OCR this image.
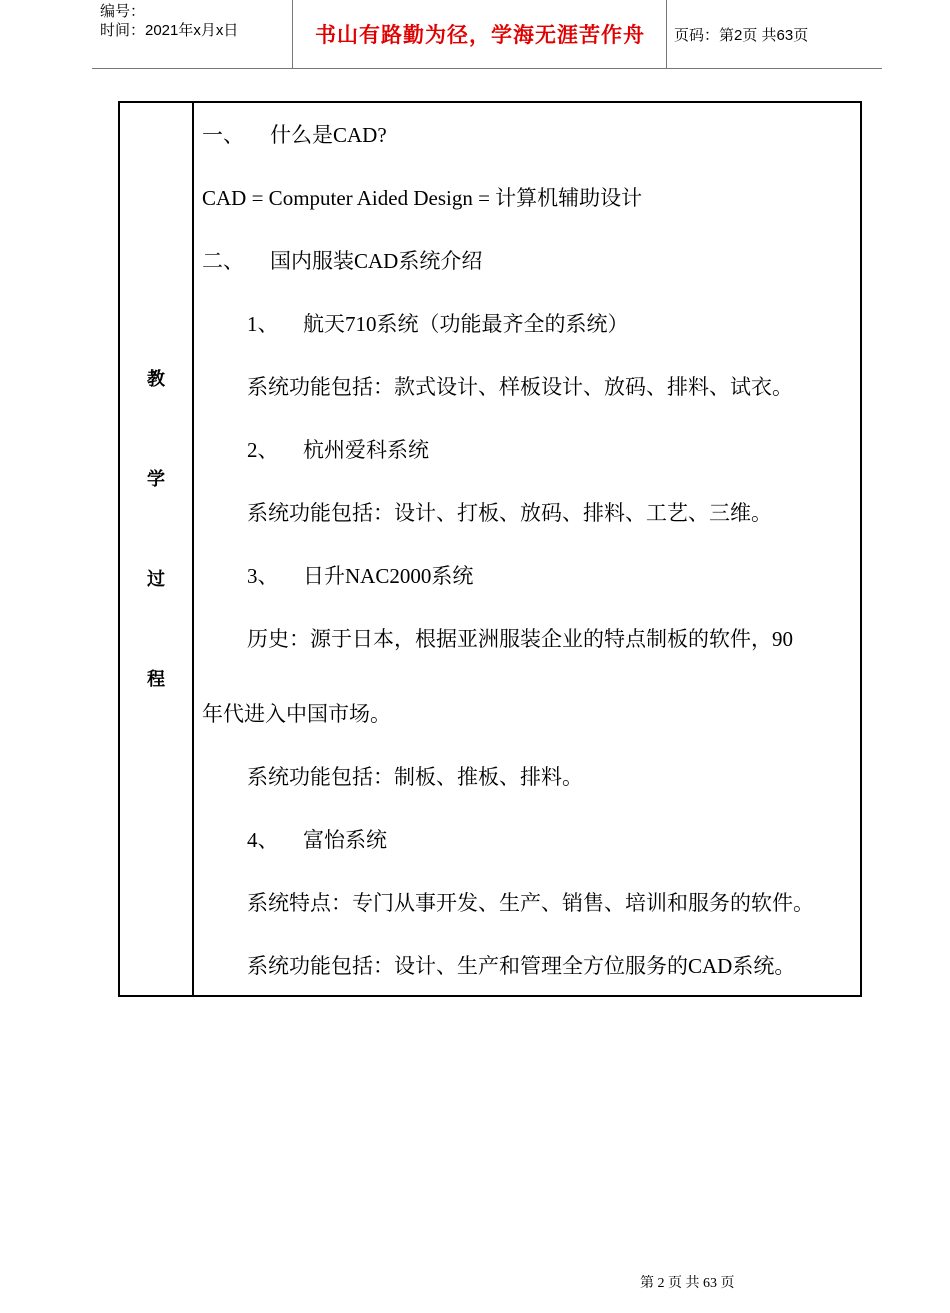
编号：
时间：2021年x月x日	书山有路勤为径，学海无涯苦作舟	页码：第2页 共63页
教
学
过
程
一、 什么是CAD?
CAD = Computer Aided Design = 计算机辅助设计
二、 国内服装CAD系统介绍
1、 航天710系统（功能最齐全的系统）
系统功能包括：款式设计、样板设计、放码、排料、试衣。
2、 杭州爱科系统
系统功能包括：设计、打板、放码、排料、工艺、三维。
3、 日升NAC2000系统
历史：源于日本，根据亚洲服装企业的特点制板的软件，90
年代进入中国市场。
系统功能包括：制板、推板、排料。
4、 富怡系统
系统特点：专门从事开发、生产、销售、培训和服务的软件。
系统功能包括：设计、生产和管理全方位服务的CAD系统。
第 2 页 共 63 页
